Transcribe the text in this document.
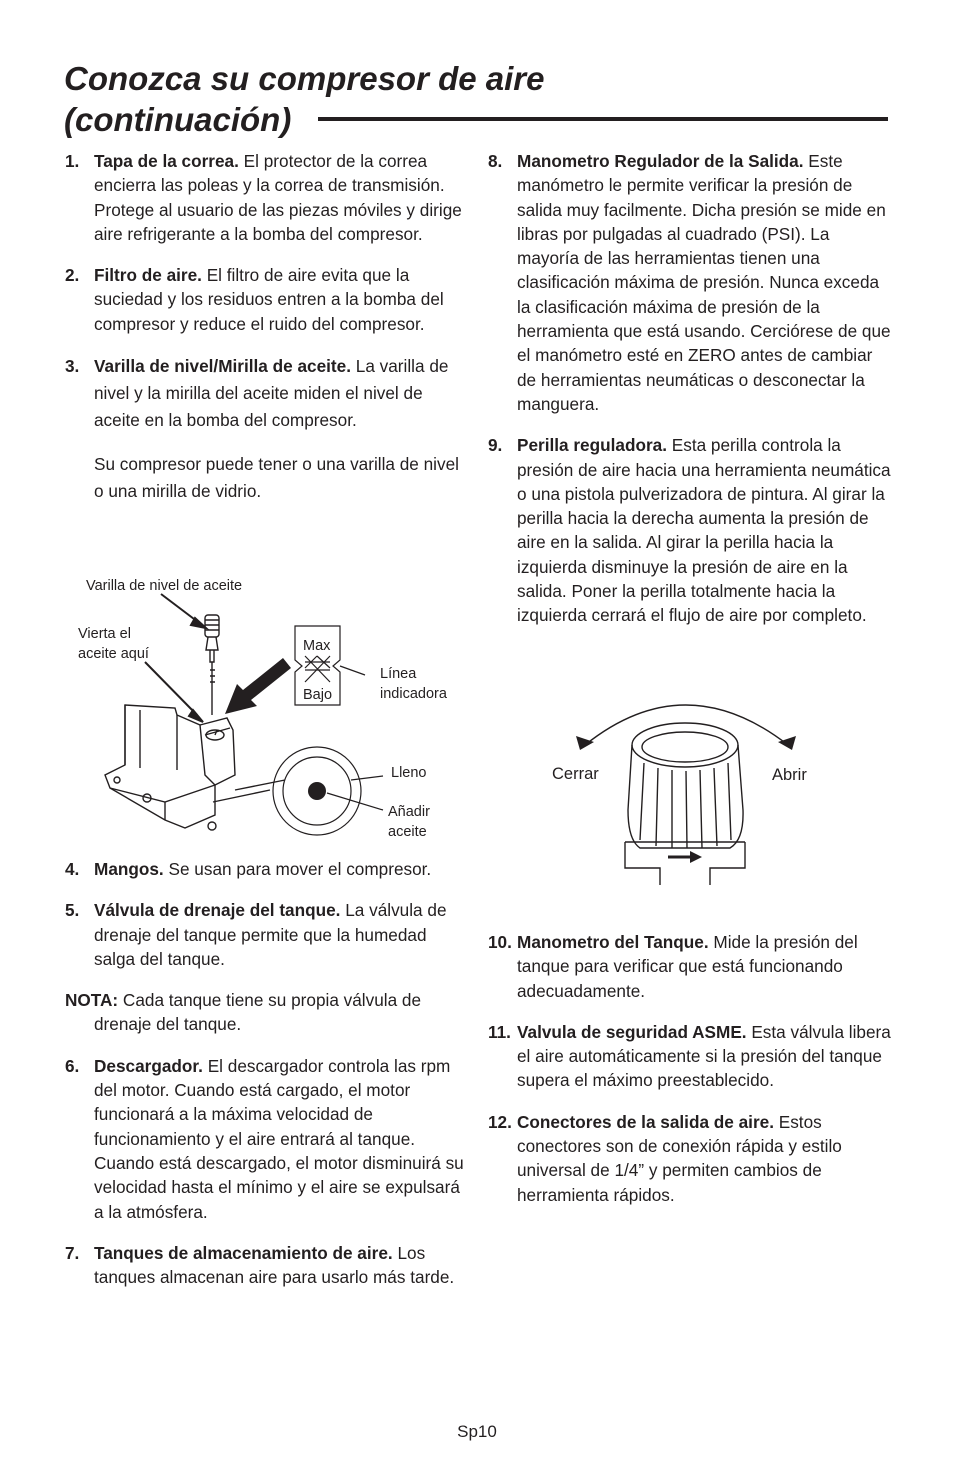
Conozca su compresor de aire
(continuación)

1. Tapa de la correa. El protector de la correa encierra las poleas y la correa de transmisión. Protege al usuario de las piezas móviles y dirige aire refrigerante a la bomba del compresor.

2. Filtro de aire. El filtro de aire evita que la suciedad y los residuos entren a la bomba del compresor y reduce el ruido del compresor.

3. Varilla de nivel/Mirilla de aceite. La varilla de nivel y la mirilla del aceite miden el nivel de aceite en la bomba del compresor.

Su compresor puede tener o una varilla de nivel o una mirilla de vidrio.

Varilla de nivel de aceite
Vierta el
aceite aquí	Max
Bajo
Línea
indicadora
Lleno
Añadir
aceite

4. Mangos. Se usan para mover el compresor.

5. Válvula de drenaje del tanque. La válvula de drenaje del tanque permite que la humedad salga del tanque.

NOTA: Cada tanque tiene su propia válvula de drenaje del tanque.

6. Descargador. El descargador controla las rpm del motor. Cuando está cargado, el motor funcionará a la máxima velocidad de funcionamiento y el aire entrará al tanque. Cuando está descargado, el motor disminuirá su velocidad hasta el mínimo y el aire se expulsará a la atmósfera.

7. Tanques de almacenamiento de aire. Los tanques almacenan aire para usarlo más tarde.

8. Manometro Regulador de la Salida. Este manómetro le permite verificar la presión de salida muy facilmente. Dicha presión se mide en libras por pulgadas al cuadrado (PSI). La mayoría de las herramientas tienen una clasificación máxima de presión. Nunca exceda la clasificación máxima de presión de la herramienta que está usando. Cerciórese de que el manómetro esté en ZERO antes de cambiar de herramientas neumáticas o desconectar la manguera.

9. Perilla reguladora. Esta perilla controla la presión de aire hacia una herramienta neumática o una pistola pulverizadora de pintura. Al girar la perilla hacia la derecha aumenta la presión de aire en la salida. Al girar la perilla hacia la izquierda disminuye la presión de aire en la salida. Poner la perilla totalmente hacia la izquierda cerrará el flujo de aire por completo.

Cerrar	Abrir

10. Manometro del Tanque. Mide la presión del tanque para verificar que está funcionando adecuadamente.

11. Valvula de seguridad ASME. Esta válvula libera el aire automáticamente si la presión del tanque supera el máximo preestablecido.

12. Conectores de la salida de aire. Estos conectores son de conexión rápida y estilo universal de 1/4” y permiten cambios de herramienta rápidos.

Sp10
